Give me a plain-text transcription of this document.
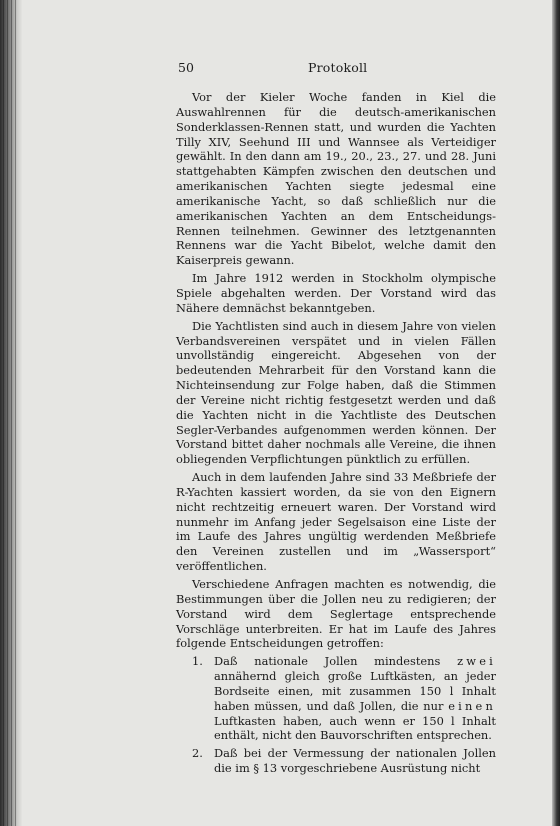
50	Protokoll

Vor der Kieler Woche fanden in Kiel die Auswahlrennen für die deutsch-amerikanischen Sonderklassen-Rennen statt, und wurden die Yachten Tilly XIV, Seehund III und Wannsee als Verteidiger gewählt. In den dann am 19., 20., 23., 27. und 28. Juni stattgehabten Kämpfen zwischen den deutschen und amerikanischen Yachten siegte jedesmal eine amerikanische Yacht, so daß schließlich nur die amerikanischen Yachten an dem Entscheidungs-Rennen teilnehmen. Gewinner des letztgenannten Rennens war die Yacht Bibelot, welche damit den Kaiserpreis gewann.

Im Jahre 1912 werden in Stockholm olympische Spiele abgehalten werden. Der Vorstand wird das Nähere demnächst bekanntgeben.

Die Yachtlisten sind auch in diesem Jahre von vielen Verbandsvereinen verspätet und in vielen Fällen unvollständig eingereicht. Abgesehen von der bedeutenden Mehrarbeit für den Vorstand kann die Nichteinsendung zur Folge haben, daß die Stimmen der Vereine nicht richtig festgesetzt werden und daß die Yachten nicht in die Yachtliste des Deutschen Segler-Verbandes aufgenommen werden können. Der Vorstand bittet daher nochmals alle Vereine, die ihnen obliegenden Verpflichtungen pünktlich zu erfüllen.

Auch in dem laufenden Jahre sind 33 Meßbriefe der R-Yachten kassiert worden, da sie von den Eignern nicht rechtzeitig erneuert waren. Der Vorstand wird nunmehr im Anfang jeder Segelsaison eine Liste der im Laufe des Jahres ungültig werdenden Meßbriefe den Vereinen zustellen und im „Wassersport“ veröffentlichen.

Verschiedene Anfragen machten es notwendig, die Bestimmungen über die Jollen neu zu redigieren; der Vorstand wird dem Seglertage entsprechende Vorschläge unterbreiten. Er hat im Laufe des Jahres folgende Entscheidungen getroffen:

1. Daß nationale Jollen mindestens zwei annähernd gleich große Luftkästen, an jeder Bordseite einen, mit zusammen 150 l Inhalt haben müssen, und daß Jollen, die nur einen Luftkasten haben, auch wenn er 150 l Inhalt enthält, nicht den Bauvorschriften entsprechen.
2. Daß bei der Vermessung der nationalen Jollen die im § 13 vorgeschriebene Ausrüstung nicht
